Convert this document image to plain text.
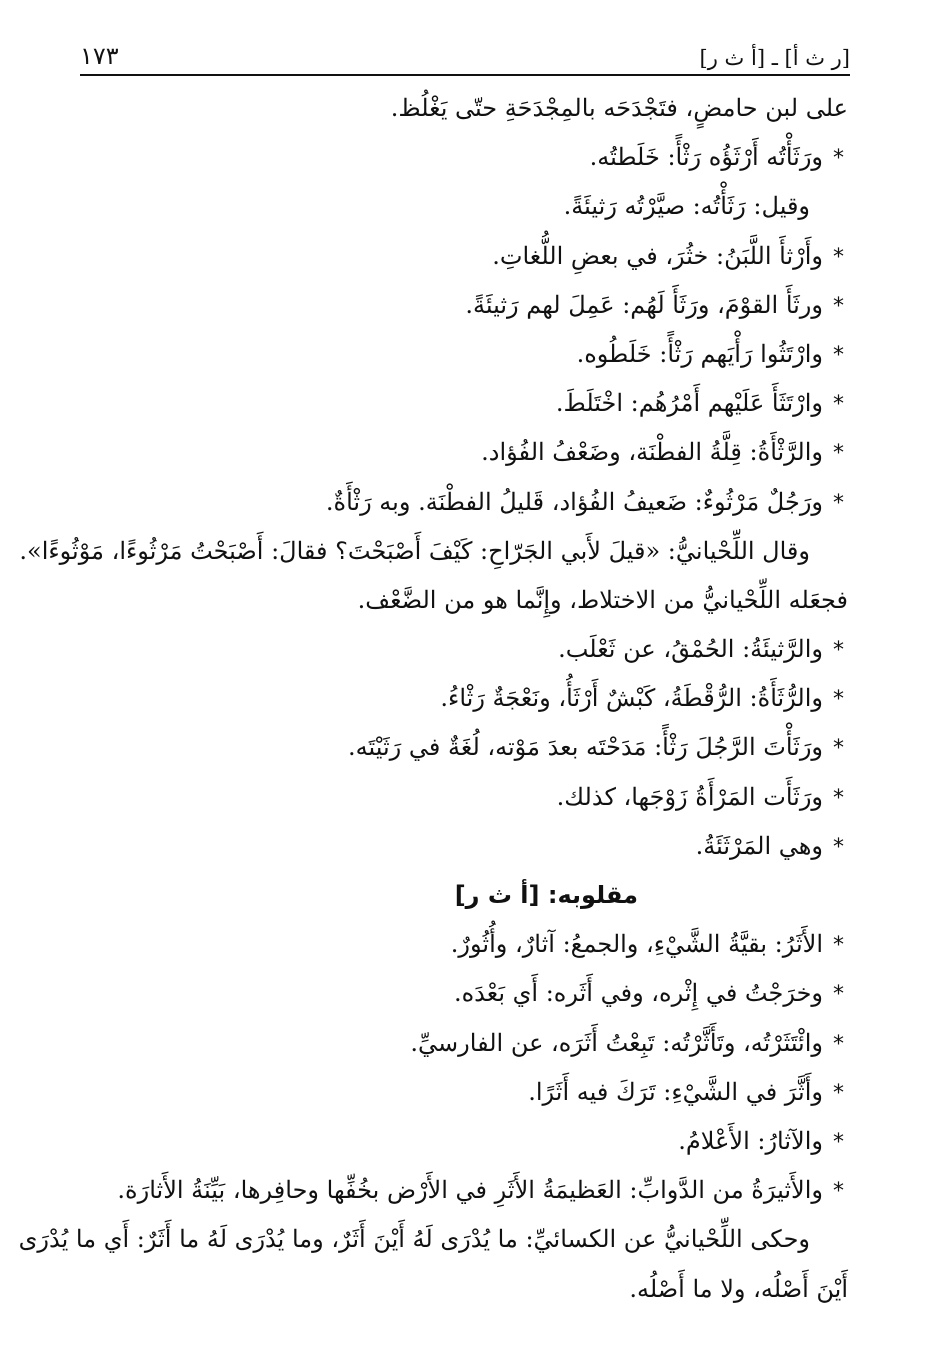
[ر ث أ] ـ [أ ث ر]
١٧٣
على لبن حامضٍ، فتَجْدَحَه بالمِجْدَحَةِ حتّى يَغْلُظ.
*ورَثَأْتُه أَرْثَؤُه رَثْأً: خَلَطتُه.
وقيل: رَثَأْتُه: صيَّرْتُه رَثيئَةً.
*وأَرْثأَ اللَّبَنُ: خثُرَ، في بعضِ اللُّغاتِ.
*ورثَأَ القوْمَ، ورَثَأَ لَهُم: عَمِلَ لهم رَثيئَةً.
*وارْتَثُوا رَأْيَهم رَثْأً: خَلَطُوه.
*وارْتَثَأَ عَلَيْهم أَمْرُهُم: اخْتَلَطَ.
*والرَّثْأَةُ: قِلَّةُ الفطْنَة، وضَعْفُ الفُؤاد.
*ورَجُلٌ مَرْثُوءٌ: ضَعيفُ الفُؤاد، قَليلُ الفطْنَة. وبه رَثْأَةٌ.
وقال اللِّحْيانيُّ: «قيلَ لأَبي الجَرّاحِ: كَيْفَ أَصْبَحْتَ؟ فقالَ: أَصْبَحْتُ مَرْثُوءًا، مَوْثُوءًا».
فجعَله اللِّحْيانيُّ من الاختلاط، وإِنَّما هو من الضَّعْف.
*والرَّثيئَةُ: الحُمْقُ، عن ثَعْلَب.
*والرُّثَأَةُ: الرُّقْطَةُ، كَبْشٌ أَرْثَأُ، ونَعْجَةٌ رَثْاءُ.
*ورَثَأْتَ الرَّجُلَ رَثْأً: مَدَحْتَه بعدَ مَوْته، لُغَةٌ في رَثَيْتَه.
*ورَثَأَت المَرْأَةُ زَوْجَها، كذلك.
*وهي المَرْثَئَةُ.
مقلوبه: [أ ث ر]
*الأَثَرُ: بقيَّةُ الشَّيْءِ، والجمعُ: آثارٌ، وأُثُورٌ.
*وخرَجْتُ في إِثْره، وفي أَثَره: أَي بَعْدَه.
*وائْتَثَرْتُه، وتَأَثَّرْتُه: تَبِعْتُ أَثَرَه، عن الفارسيِّ.
*وأَثَّرَ في الشَّيْءِ: تَرَكَ فيه أَثَرًا.
*والآثارُ: الأَعْلامُ.
*والأَثيرَةُ من الدَّوابِّ: العَظيمَةُ الأَثَرِ في الأَرْض بخُفِّها وحافِرها، بَيِّنَةُ الأَثارَة.
وحكى اللِّحْيانيُّ عن الكسائيِّ: ما يُدْرَى لَهُ أَيْنَ أَثَرٌ، وما يُدْرَى لَهُ ما أَثَرٌ: أَي ما يُدْرَى
أَيْنَ أَصْلُه، ولا ما أَصْلُه.
